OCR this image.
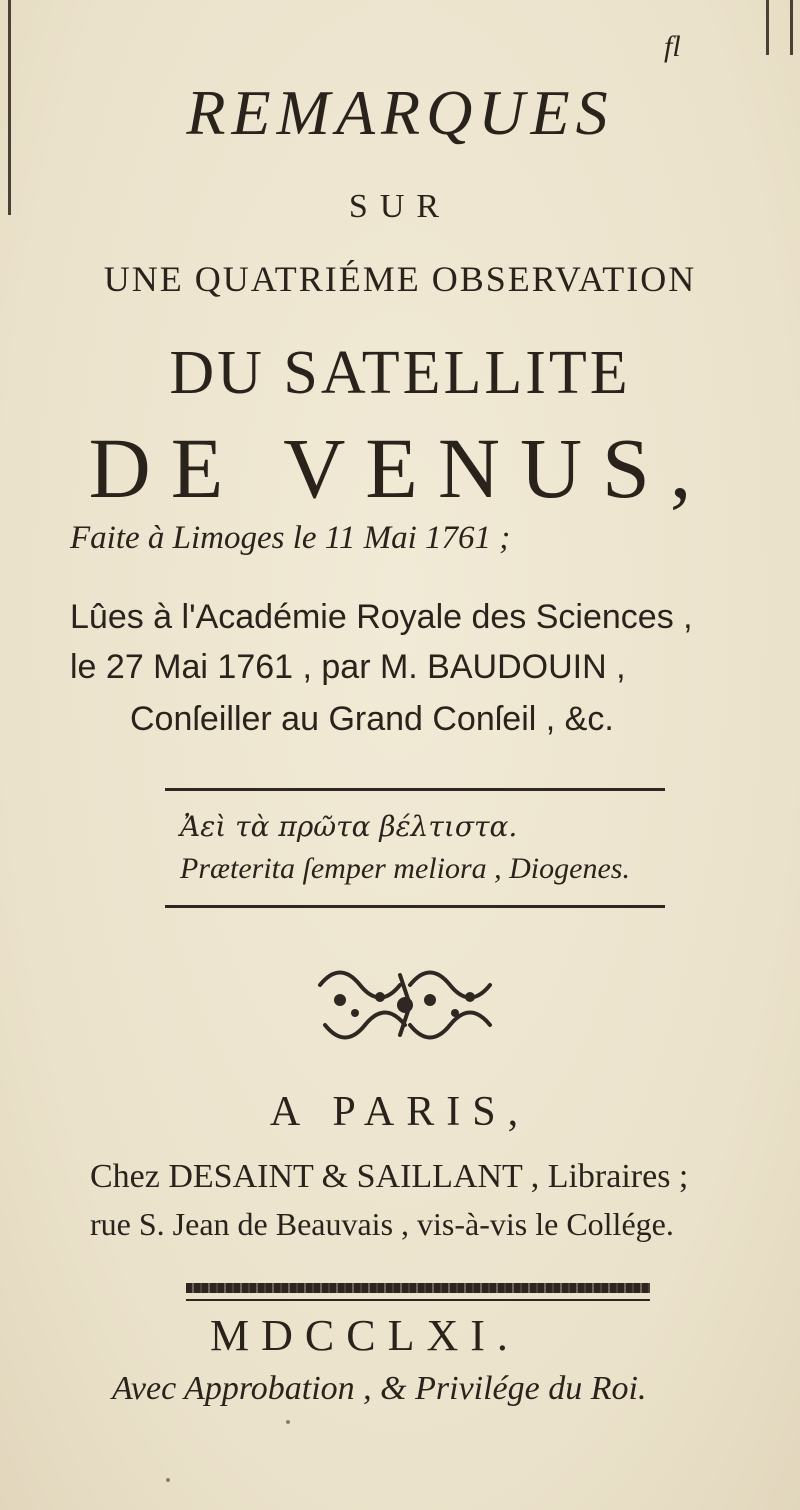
fl
REMARQUES
SUR
UNE QUATRIÉME OBSERVATION
DU SATELLITE
DE VENUS,
Faite à Limoges le 11 Mai 1761 ;
Lûes à l'Académie Royale des Sciences ,
le 27 Mai 1761 , par M. BAUDOUIN ,
Conſeiller au Grand Conſeil , &c.
Ἀεὶ τὰ πρῶτα βέλτιστα.
Præterita ſemper meliora , Diogenes.
A PARIS,
Chez DESAINT & SAILLANT , Libraires ;
rue S. Jean de Beauvais , vis-à-vis le Collége.
MDCCLXI.
Avec Approbation , & Privilége du Roi.
